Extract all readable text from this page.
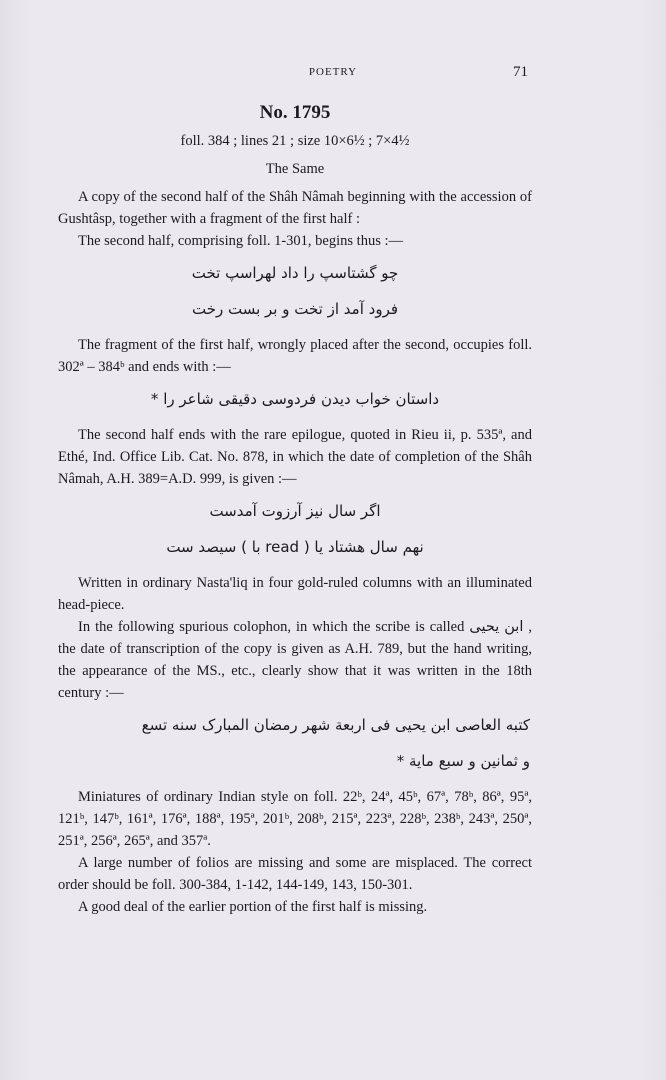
POETRY	71
No. 1795
foll. 384 ; lines 21 ; size 10×6½ ; 7×4½
The Same

A copy of the second half of the Shâh Nâmah beginning with the accession of Gushtâsp, together with a fragment of the first half :

The second half, comprising foll. 1-301, begins thus :—

چو گشتاسپ را داد لهراسپ تخت
فرود آمد از تخت و بر بست رخت

The fragment of the first half, wrongly placed after the second, occupies foll. 302ª – 384ᵇ and ends with :—

داستان خواب دیدن فردوسی دقیقی شاعر را *

The second half ends with the rare epilogue, quoted in Rieu ii, p. 535ª, and Ethé, Ind. Office Lib. Cat. No. 878, in which the date of completion of the Shâh Nâmah, A.H. 389=A.D. 999, is given :—

اگر سال نیز آرزوت آمدست
نهم سال هشتاد یا ( read با ) سیصد ست

Written in ordinary Nasta'liq in four gold-ruled columns with an illuminated head-piece.

In the following spurious colophon, in which the scribe is called ابن یحیی , the date of transcription of the copy is given as A.H. 789, but the hand writing, the appearance of the MS., etc., clearly show that it was written in the 18th century :—

کتبه العاصی ابن یحیی فی اربعة شهر رمضان المبارک سنه تسع
و ثمانین و سبع مایة *

Miniatures of ordinary Indian style on foll. 22ᵇ, 24ª, 45ᵇ, 67ª, 78ᵇ, 86ª, 95ª, 121ᵇ, 147ᵇ, 161ª, 176ª, 188ª, 195ª, 201ᵇ, 208ᵇ, 215ª, 223ª, 228ᵇ, 238ᵇ, 243ª, 250ª, 251ª, 256ª, 265ª, and 357ª.

A large number of folios are missing and some are misplaced. The correct order should be foll. 300-384, 1-142, 144-149, 143, 150-301.

A good deal of the earlier portion of the first half is missing.
